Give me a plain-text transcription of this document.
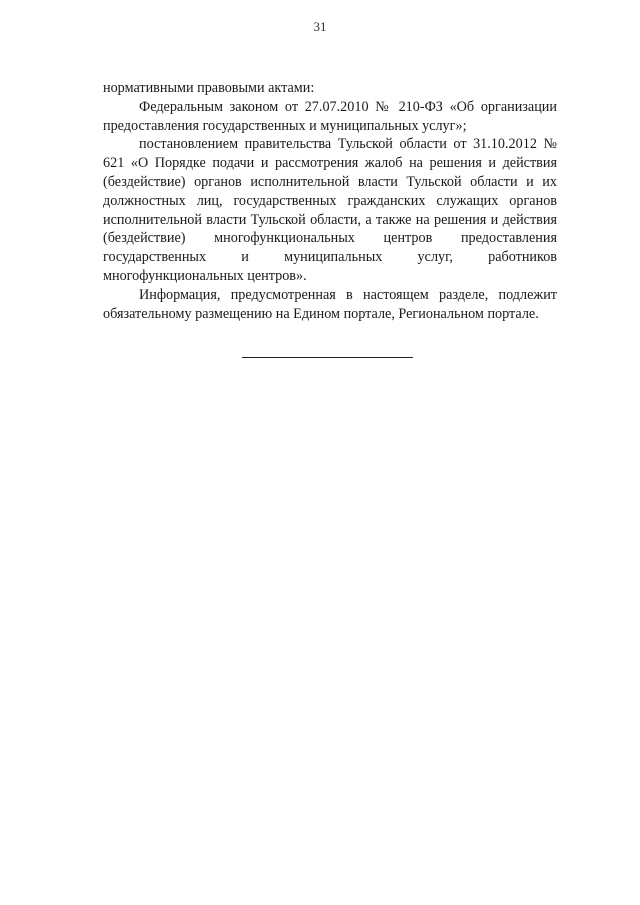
31

нормативными правовыми актами:

Федеральным законом от 27.07.2010 № 210-ФЗ «Об организации предоставления государственных и муниципальных услуг»;

постановлением правительства Тульской области от 31.10.2012 № 621 «О Порядке подачи и рассмотрения жалоб на решения и действия (бездействие) органов исполнительной власти Тульской области и их должностных лиц, государственных гражданских служащих органов исполнительной власти Тульской области, а также на решения и действия (бездействие) многофункциональных центров предоставления государственных и муниципальных услуг, работников многофункциональных центров».

Информация, предусмотренная в настоящем разделе, подлежит обязательному размещению на Едином портале, Региональном портале.
